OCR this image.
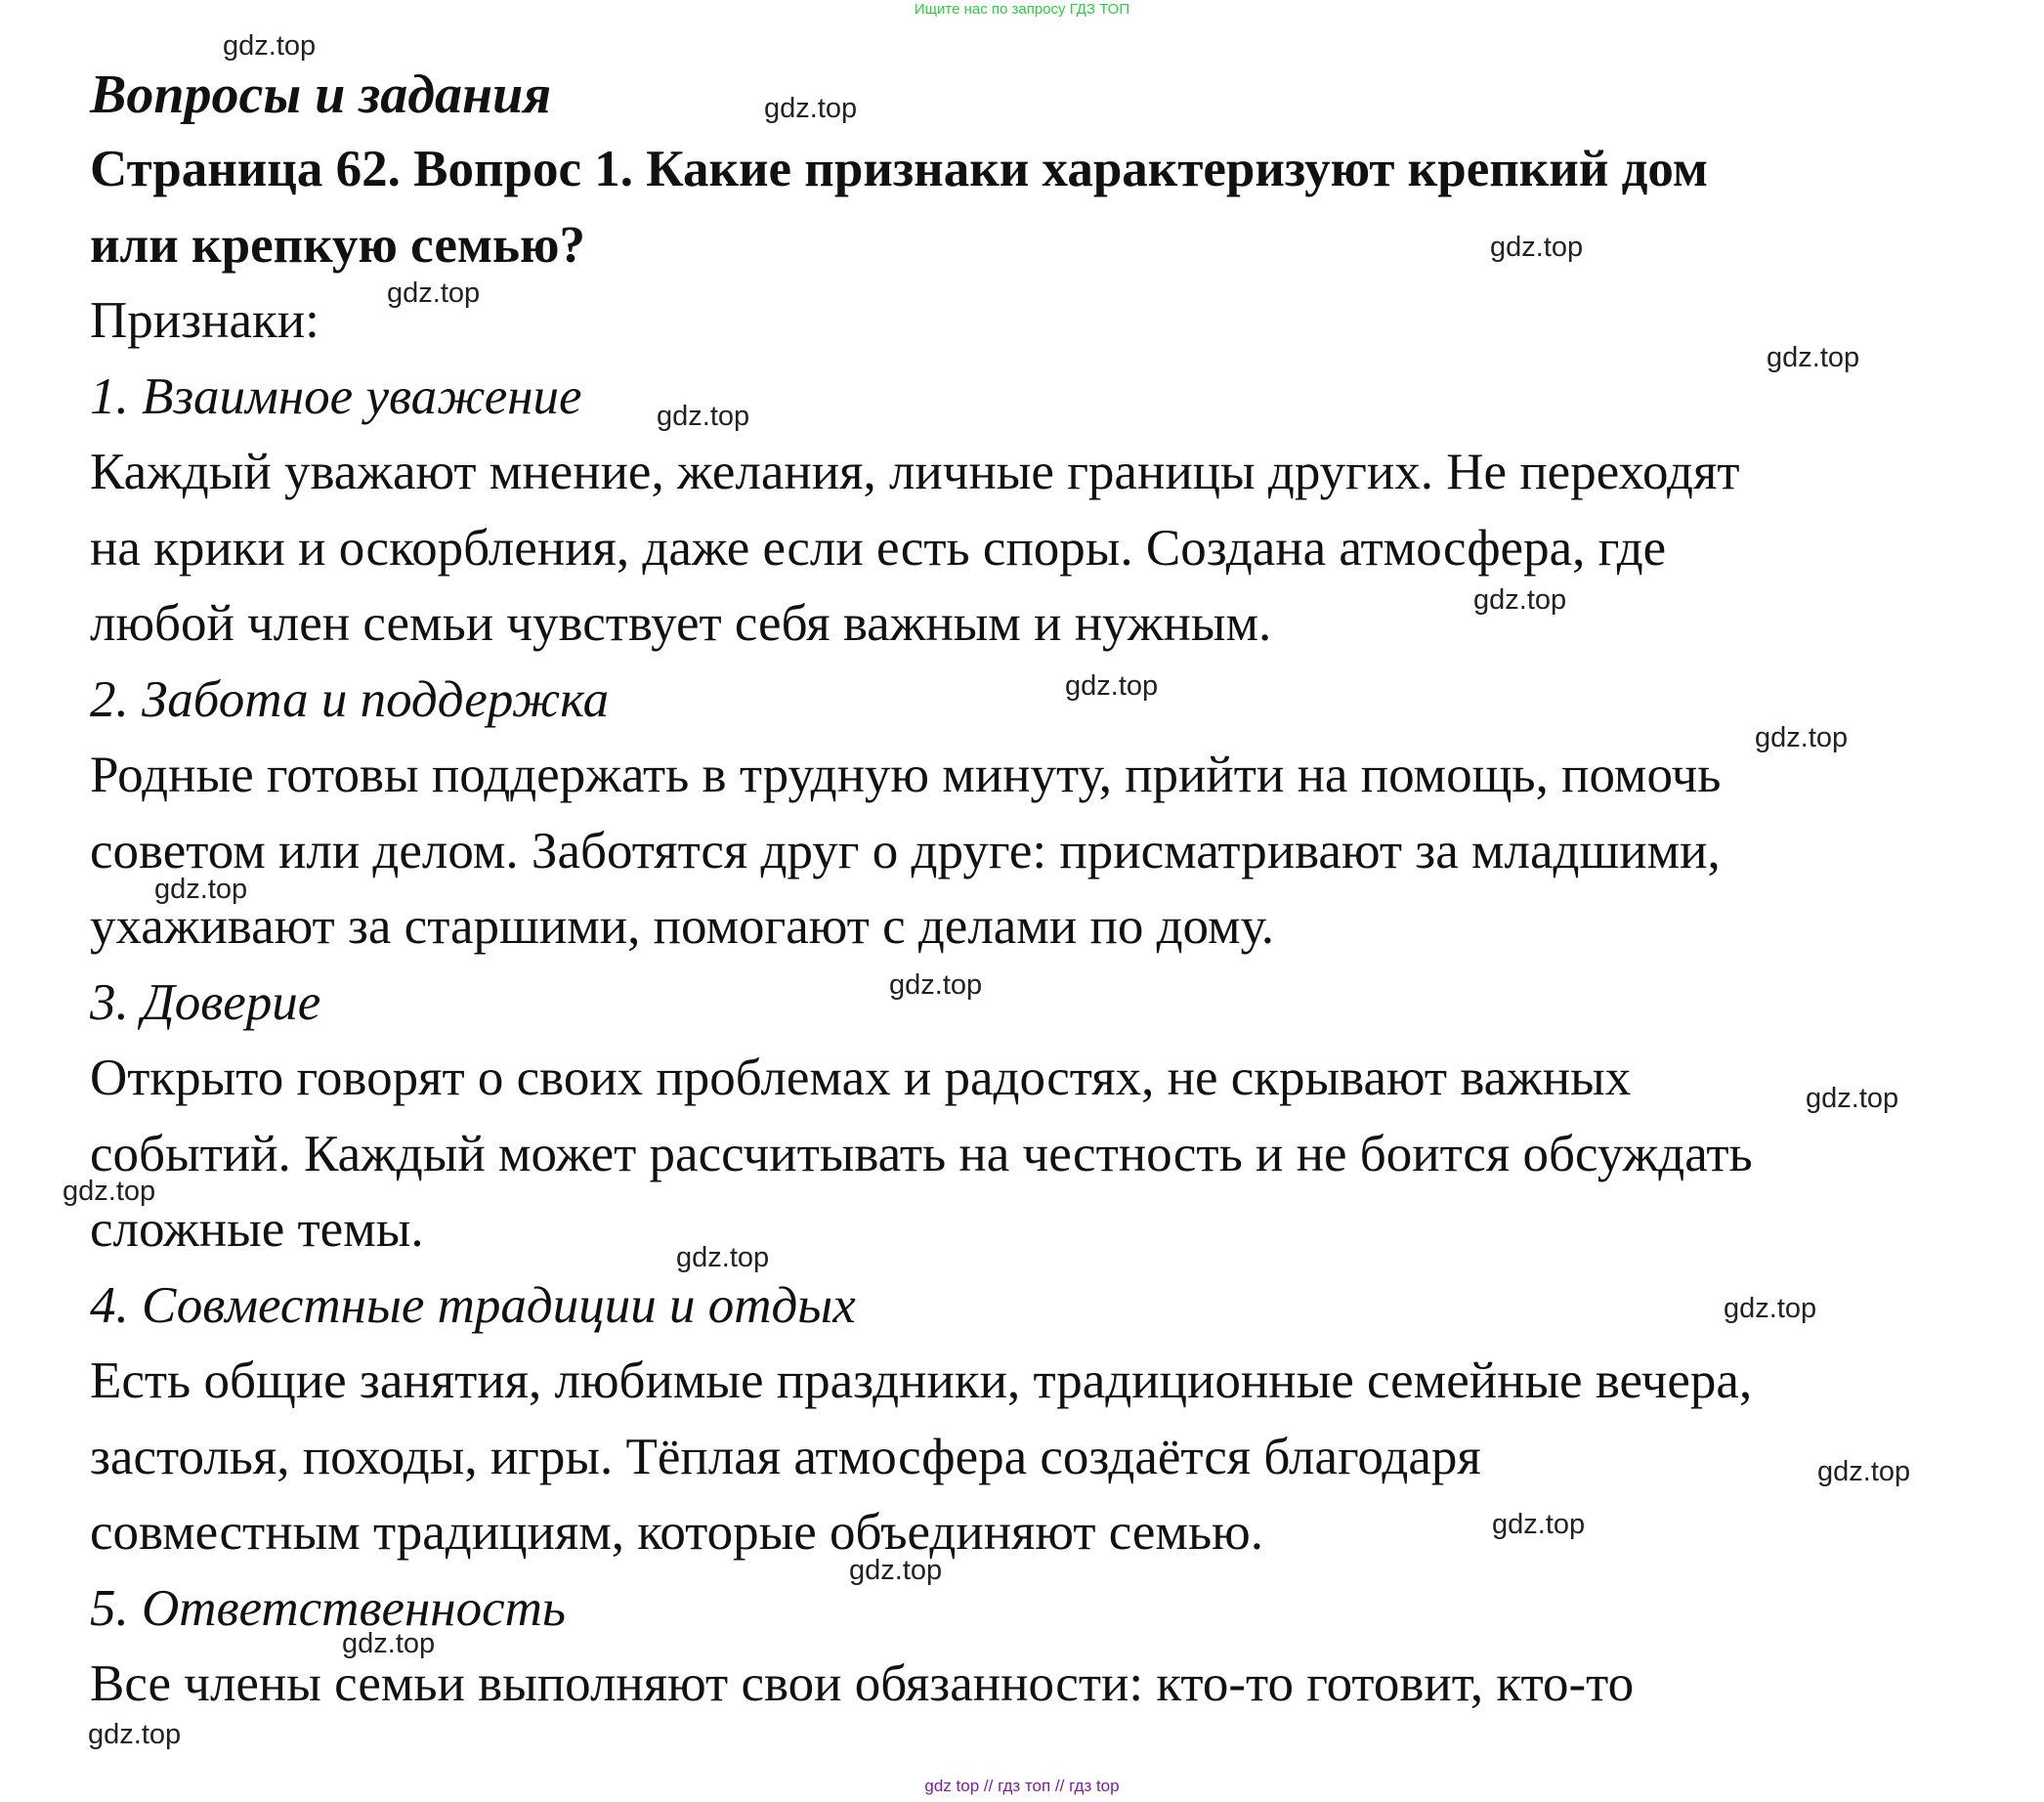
Ищите нас по запросу ГДЗ ТОП
Вопросы и задания
Страница 62. Вопрос 1. Какие признаки характеризуют крепкий дом
или крепкую семью?
Признаки:
1. Взаимное уважение
Каждый уважают мнение, желания, личные границы других. Не переходят
на крики и оскорбления, даже если есть споры. Создана атмосфера, где
любой член семьи чувствует себя важным и нужным.
2. Забота и поддержка
Родные готовы поддержать в трудную минуту, прийти на помощь, помочь
советом или делом. Заботятся друг о друге: присматривают за младшими,
ухаживают за старшими, помогают с делами по дому.
3. Доверие
Открыто говорят о своих проблемах и радостях, не скрывают важных
событий. Каждый может рассчитывать на честность и не боится обсуждать
сложные темы.
4. Совместные традиции и отдых
Есть общие занятия, любимые праздники, традиционные семейные вечера,
застолья, походы, игры. Тёплая атмосфера создаётся благодаря
совместным традициям, которые объединяют семью.
5. Ответственность
Все члены семьи выполняют свои обязанности: кто-то готовит, кто-то
gdz.top
gdz.top
gdz.top
gdz.top
gdz.top
gdz.top
gdz.top
gdz.top
gdz.top
gdz.top
gdz.top
gdz.top
gdz.top
gdz.top
gdz.top
gdz.top
gdz.top
gdz.top
gdz.top
gdz.top
gdz top // гдз топ // гдз top
